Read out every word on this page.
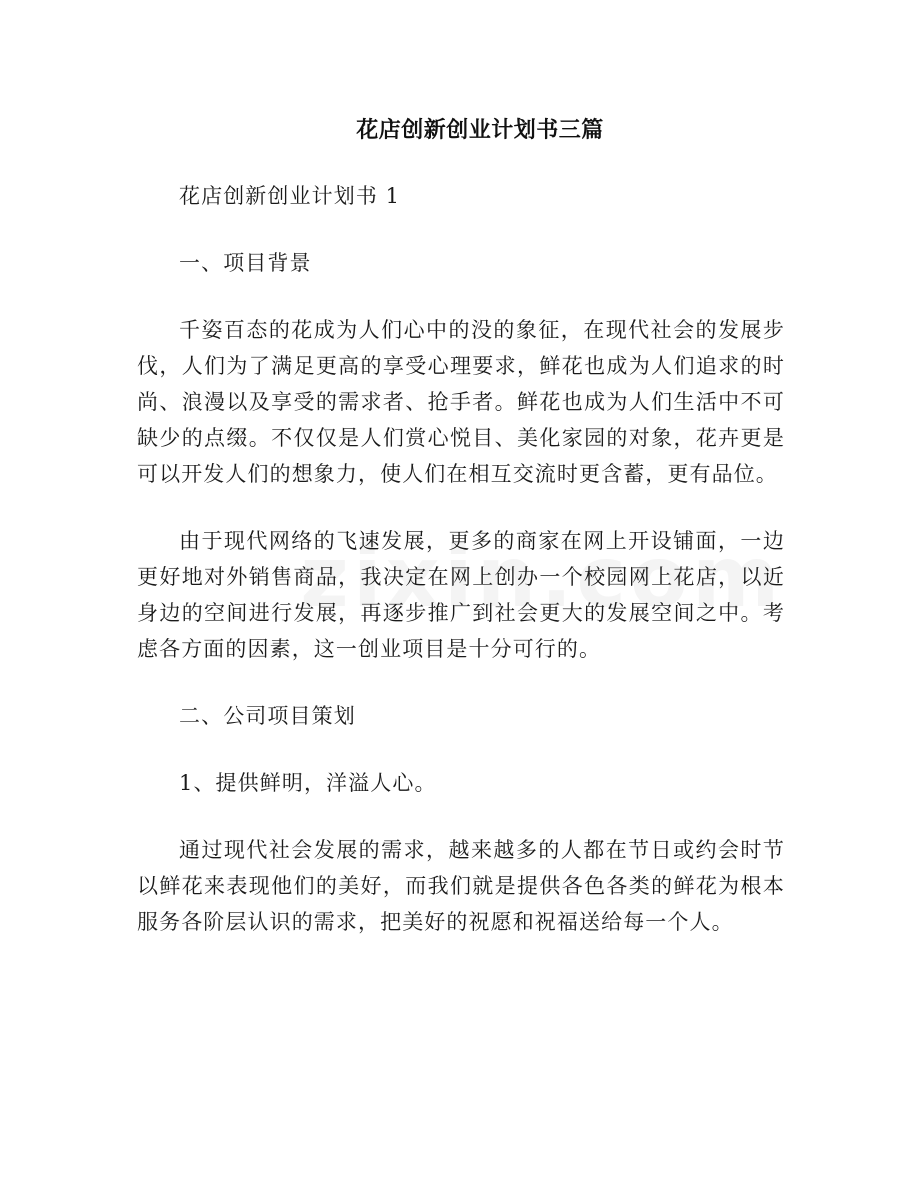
花店创新创业计划书三篇

花店创新创业计划书 1

一、项目背景

千姿百态的花成为人们心中的没的象征，在现代社会的发展步伐，人们为了满足更高的享受心理要求，鲜花也成为人们追求的时尚、浪漫以及享受的需求者、抢手者。鲜花也成为人们生活中不可缺少的点缀。不仅仅是人们赏心悦目、美化家园的对象，花卉更是可以开发人们的想象力，使人们在相互交流时更含蓄，更有品位。

由于现代网络的飞速发展，更多的商家在网上开设铺面，一边更好地对外销售商品，我决定在网上创办一个校园网上花店，以近身边的空间进行发展，再逐步推广到社会更大的发展空间之中。考虑各方面的因素，这一创业项目是十分可行的。

二、公司项目策划

1、提供鲜明，洋溢人心。

通过现代社会发展的需求，越来越多的人都在节日或约会时节以鲜花来表现他们的美好，而我们就是提供各色各类的鲜花为根本服务各阶层认识的需求，把美好的祝愿和祝福送给每一个人。
